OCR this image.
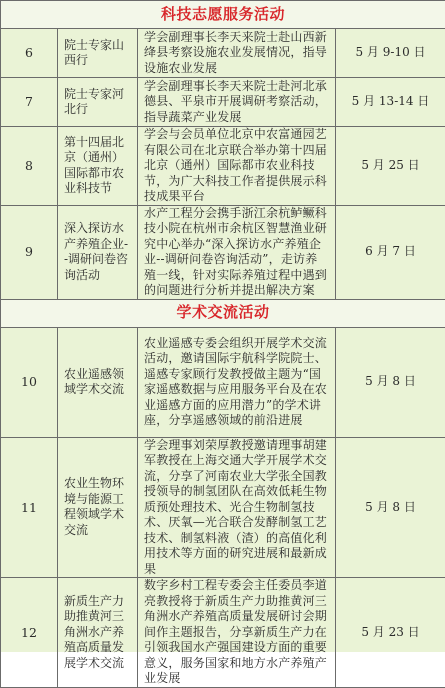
科技志愿服务活动			
6	院士专家山西行	学会副理事长李天来院士赴山西新绛县考察设施农业发展情况，指导设施农业发展	5 月 9-10 日
7	院士专家河北行	学会副理事长李天来院士赴河北承德县、平泉市开展调研考察活动，指导蔬菜产业发展	5 月 13-14 日
8	第十四届北京（通州）国际都市农业科技节	学会与会员单位北京中农富通园艺有限公司在北京联合举办第十四届北京（通州）国际都市农业科技节，为广大科技工作者提供展示科技成果平台	5 月 25 日
9	深入探访水产养殖企业--调研问卷咨询活动	水产工程分会携手浙江余杭鲈鳜科技小院在杭州市余杭区智慧渔业研究中心举办“深入探访水产养殖企业--调研问卷咨询活动”，走访养殖一线，针对实际养殖过程中遇到的问题进行分析并提出解决方案	6 月 7 日
学术交流活动			
10	农业遥感领域学术交流	农业遥感专委会组织开展学术交流活动，邀请国际宇航科学院院士、遥感专家顾行发教授做主题为“国家遥感数据与应用服务平台及在农业遥感方面的应用潜力”的学术讲座，分享遥感领域的前沿进展	5 月 8 日
11	农业生物环境与能源工程领域学术交流	学会理事刘荣厚教授邀请理事胡建军教授在上海交通大学开展学术交流，分享了河南农业大学张全国教授领导的制氢团队在高效低耗生物质预处理技术、光合生物制氢技术、厌氧—光合联合发酵制氢工艺技术、制氢料液（渣）的高值化利用技术等方面的研究进展和最新成果	5 月 8 日
12	新质生产力助推黄河三角洲水产养殖高质量发展学术交流	数字乡村工程专委会主任委员李道亮教授将于新质生产力助推黄河三角洲水产养殖高质量发展研讨会期间作主题报告，分享新质生产力在引领我国水产强国建设方面的重要意义，服务国家和地方水产养殖产业发展	5 月 23 日
